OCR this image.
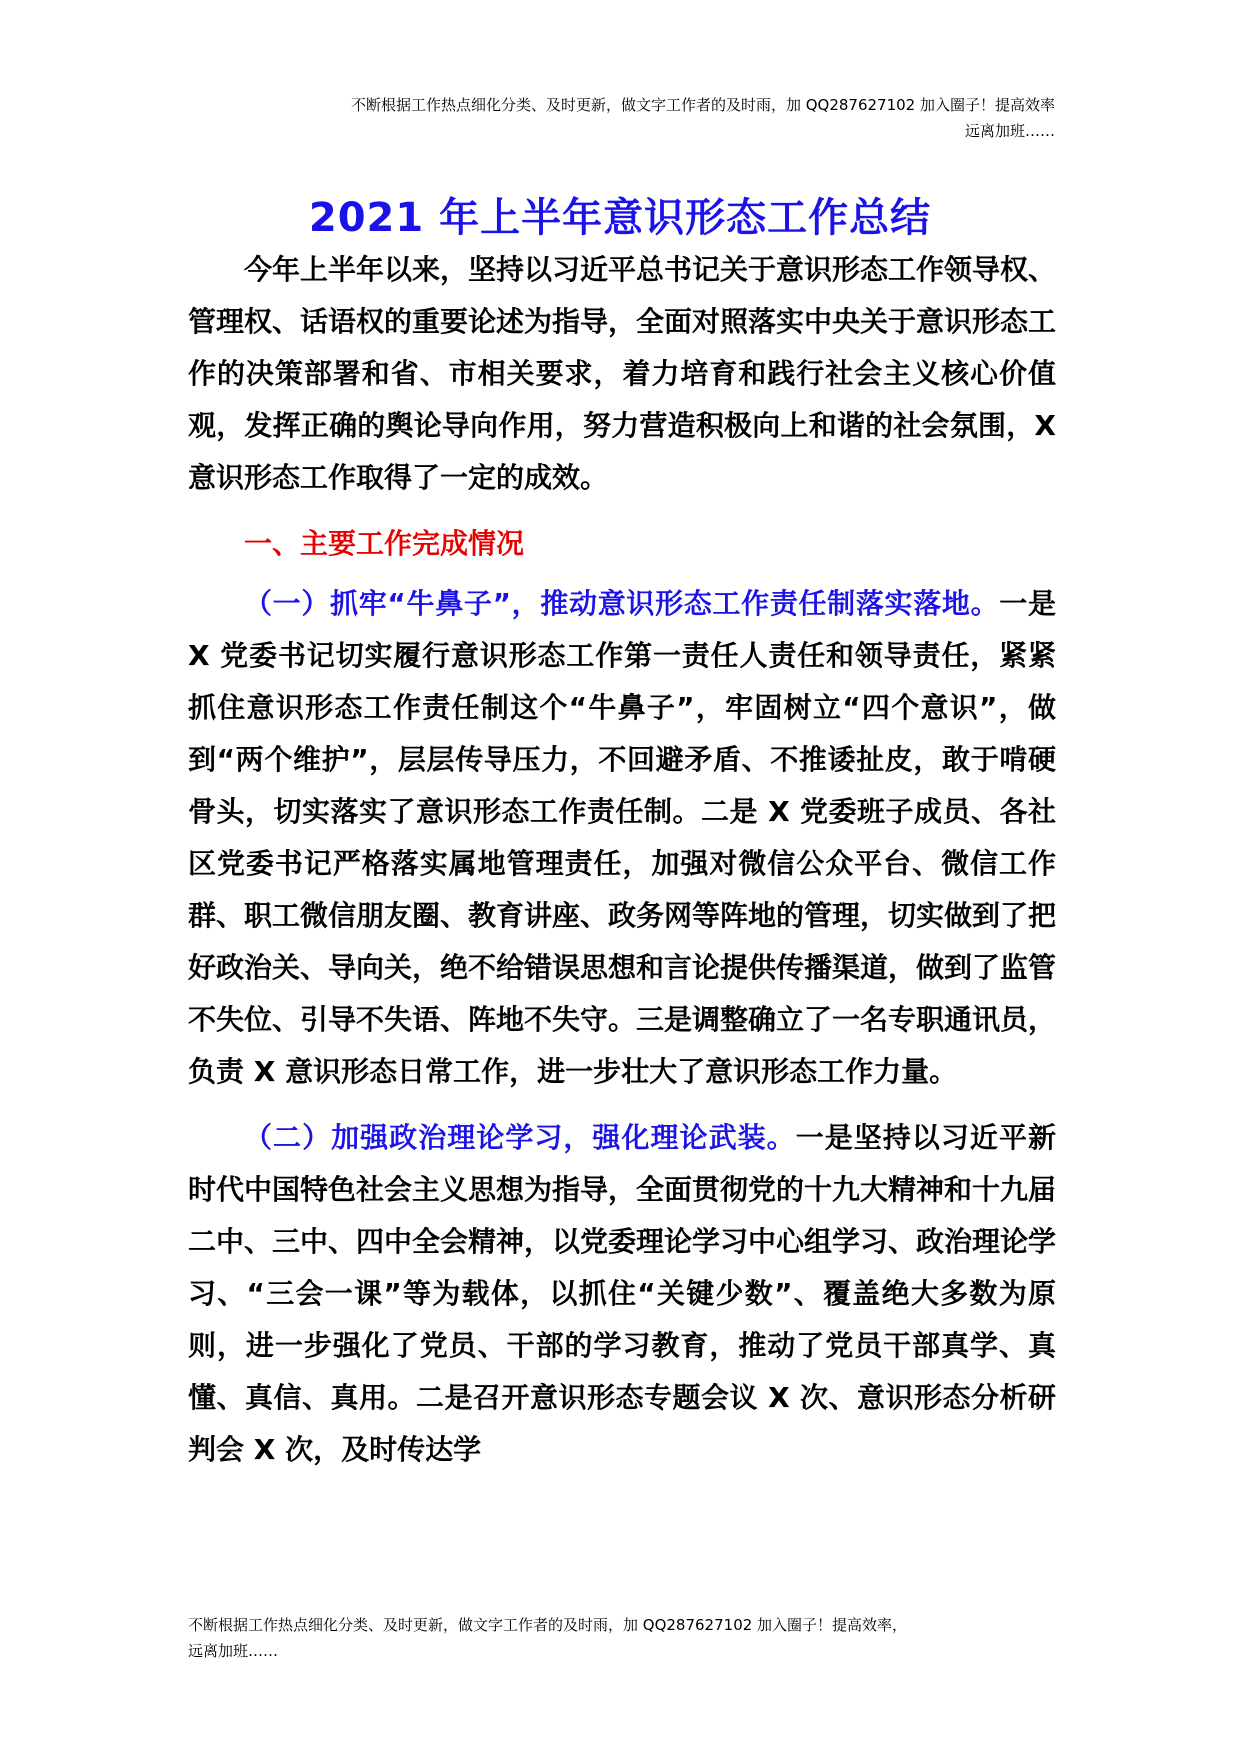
不断根据工作热点细化分类、及时更新，做文字工作者的及时雨，加 QQ287627102 加入圈子！提高效率
远离加班……
2021 年上半年意识形态工作总结

今年上半年以来，坚持以习近平总书记关于意识形态工作领导权、管理权、话语权的重要论述为指导，全面对照落实中央关于意识形态工作的决策部署和省、市相关要求，着力培育和践行社会主义核心价值观，发挥正确的舆论导向作用，努力营造积极向上和谐的社会氛围，X 意识形态工作取得了一定的成效。

一、主要工作完成情况

（一）抓牢“牛鼻子”，推动意识形态工作责任制落实落地。一是 X 党委书记切实履行意识形态工作第一责任人责任和领导责任，紧紧抓住意识形态工作责任制这个“牛鼻子”，牢固树立“四个意识”，做到“两个维护”，层层传导压力，不回避矛盾、不推诿扯皮，敢于啃硬骨头，切实落实了意识形态工作责任制。二是 X 党委班子成员、各社区党委书记严格落实属地管理责任，加强对微信公众平台、微信工作群、职工微信朋友圈、教育讲座、政务网等阵地的管理，切实做到了把好政治关、导向关，绝不给错误思想和言论提供传播渠道，做到了监管不失位、引导不失语、阵地不失守。三是调整确立了一名专职通讯员，负责 X 意识形态日常工作，进一步壮大了意识形态工作力量。

（二）加强政治理论学习，强化理论武装。一是坚持以习近平新时代中国特色社会主义思想为指导，全面贯彻党的十九大精神和十九届二中、三中、四中全会精神，以党委理论学习中心组学习、政治理论学习、“三会一课”等为载体，以抓住“关键少数”、覆盖绝大多数为原则，进一步强化了党员、干部的学习教育，推动了党员干部真学、真懂、真信、真用。二是召开意识形态专题会议 X 次、意识形态分析研判会 X 次，及时传达学

不断根据工作热点细化分类、及时更新，做文字工作者的及时雨，加 QQ287627102 加入圈子！提高效率，
远离加班……
